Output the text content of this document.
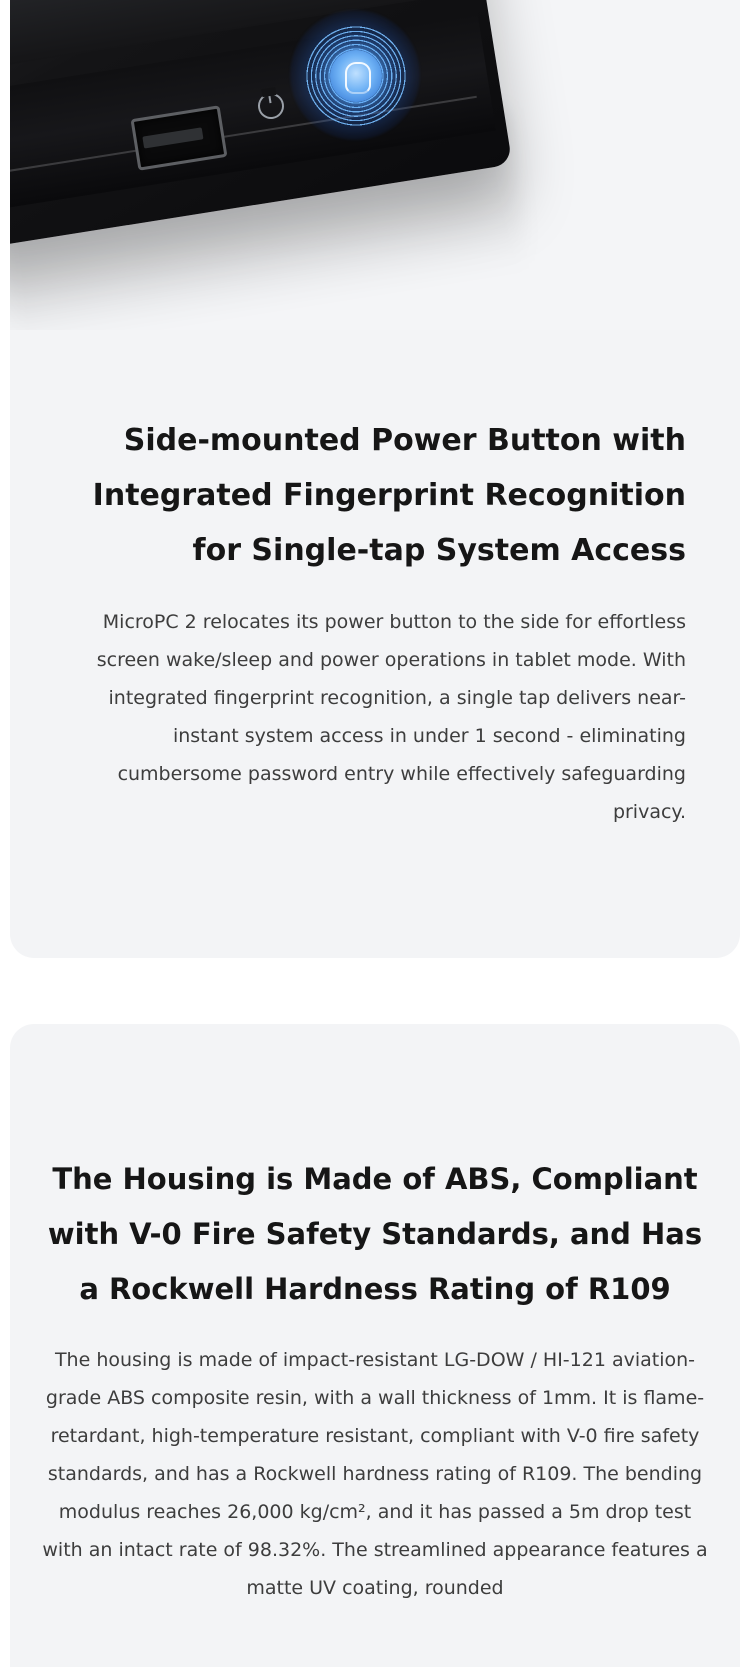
Side-mounted Power Button with Integrated Fingerprint Recognition for Single-tap System Access

MicroPC 2 relocates its power button to the side for effortless screen wake/sleep and power operations in tablet mode. With integrated fingerprint recognition, a single tap delivers near-instant system access in under 1 second - eliminating cumbersome password entry while effectively safeguarding privacy.

The Housing is Made of ABS, Compliant with V-0 Fire Safety Standards, and Has a Rockwell Hardness Rating of R109

The housing is made of impact-resistant LG-DOW / HI-121 aviation-grade ABS composite resin, with a wall thickness of 1mm. It is flame-retardant, high-temperature resistant, compliant with V-0 fire safety standards, and has a Rockwell hardness rating of R109. The bending modulus reaches 26,000 kg/cm², and it has passed a 5m drop test with an intact rate of 98.32%. The streamlined appearance features a matte UV coating, rounded
